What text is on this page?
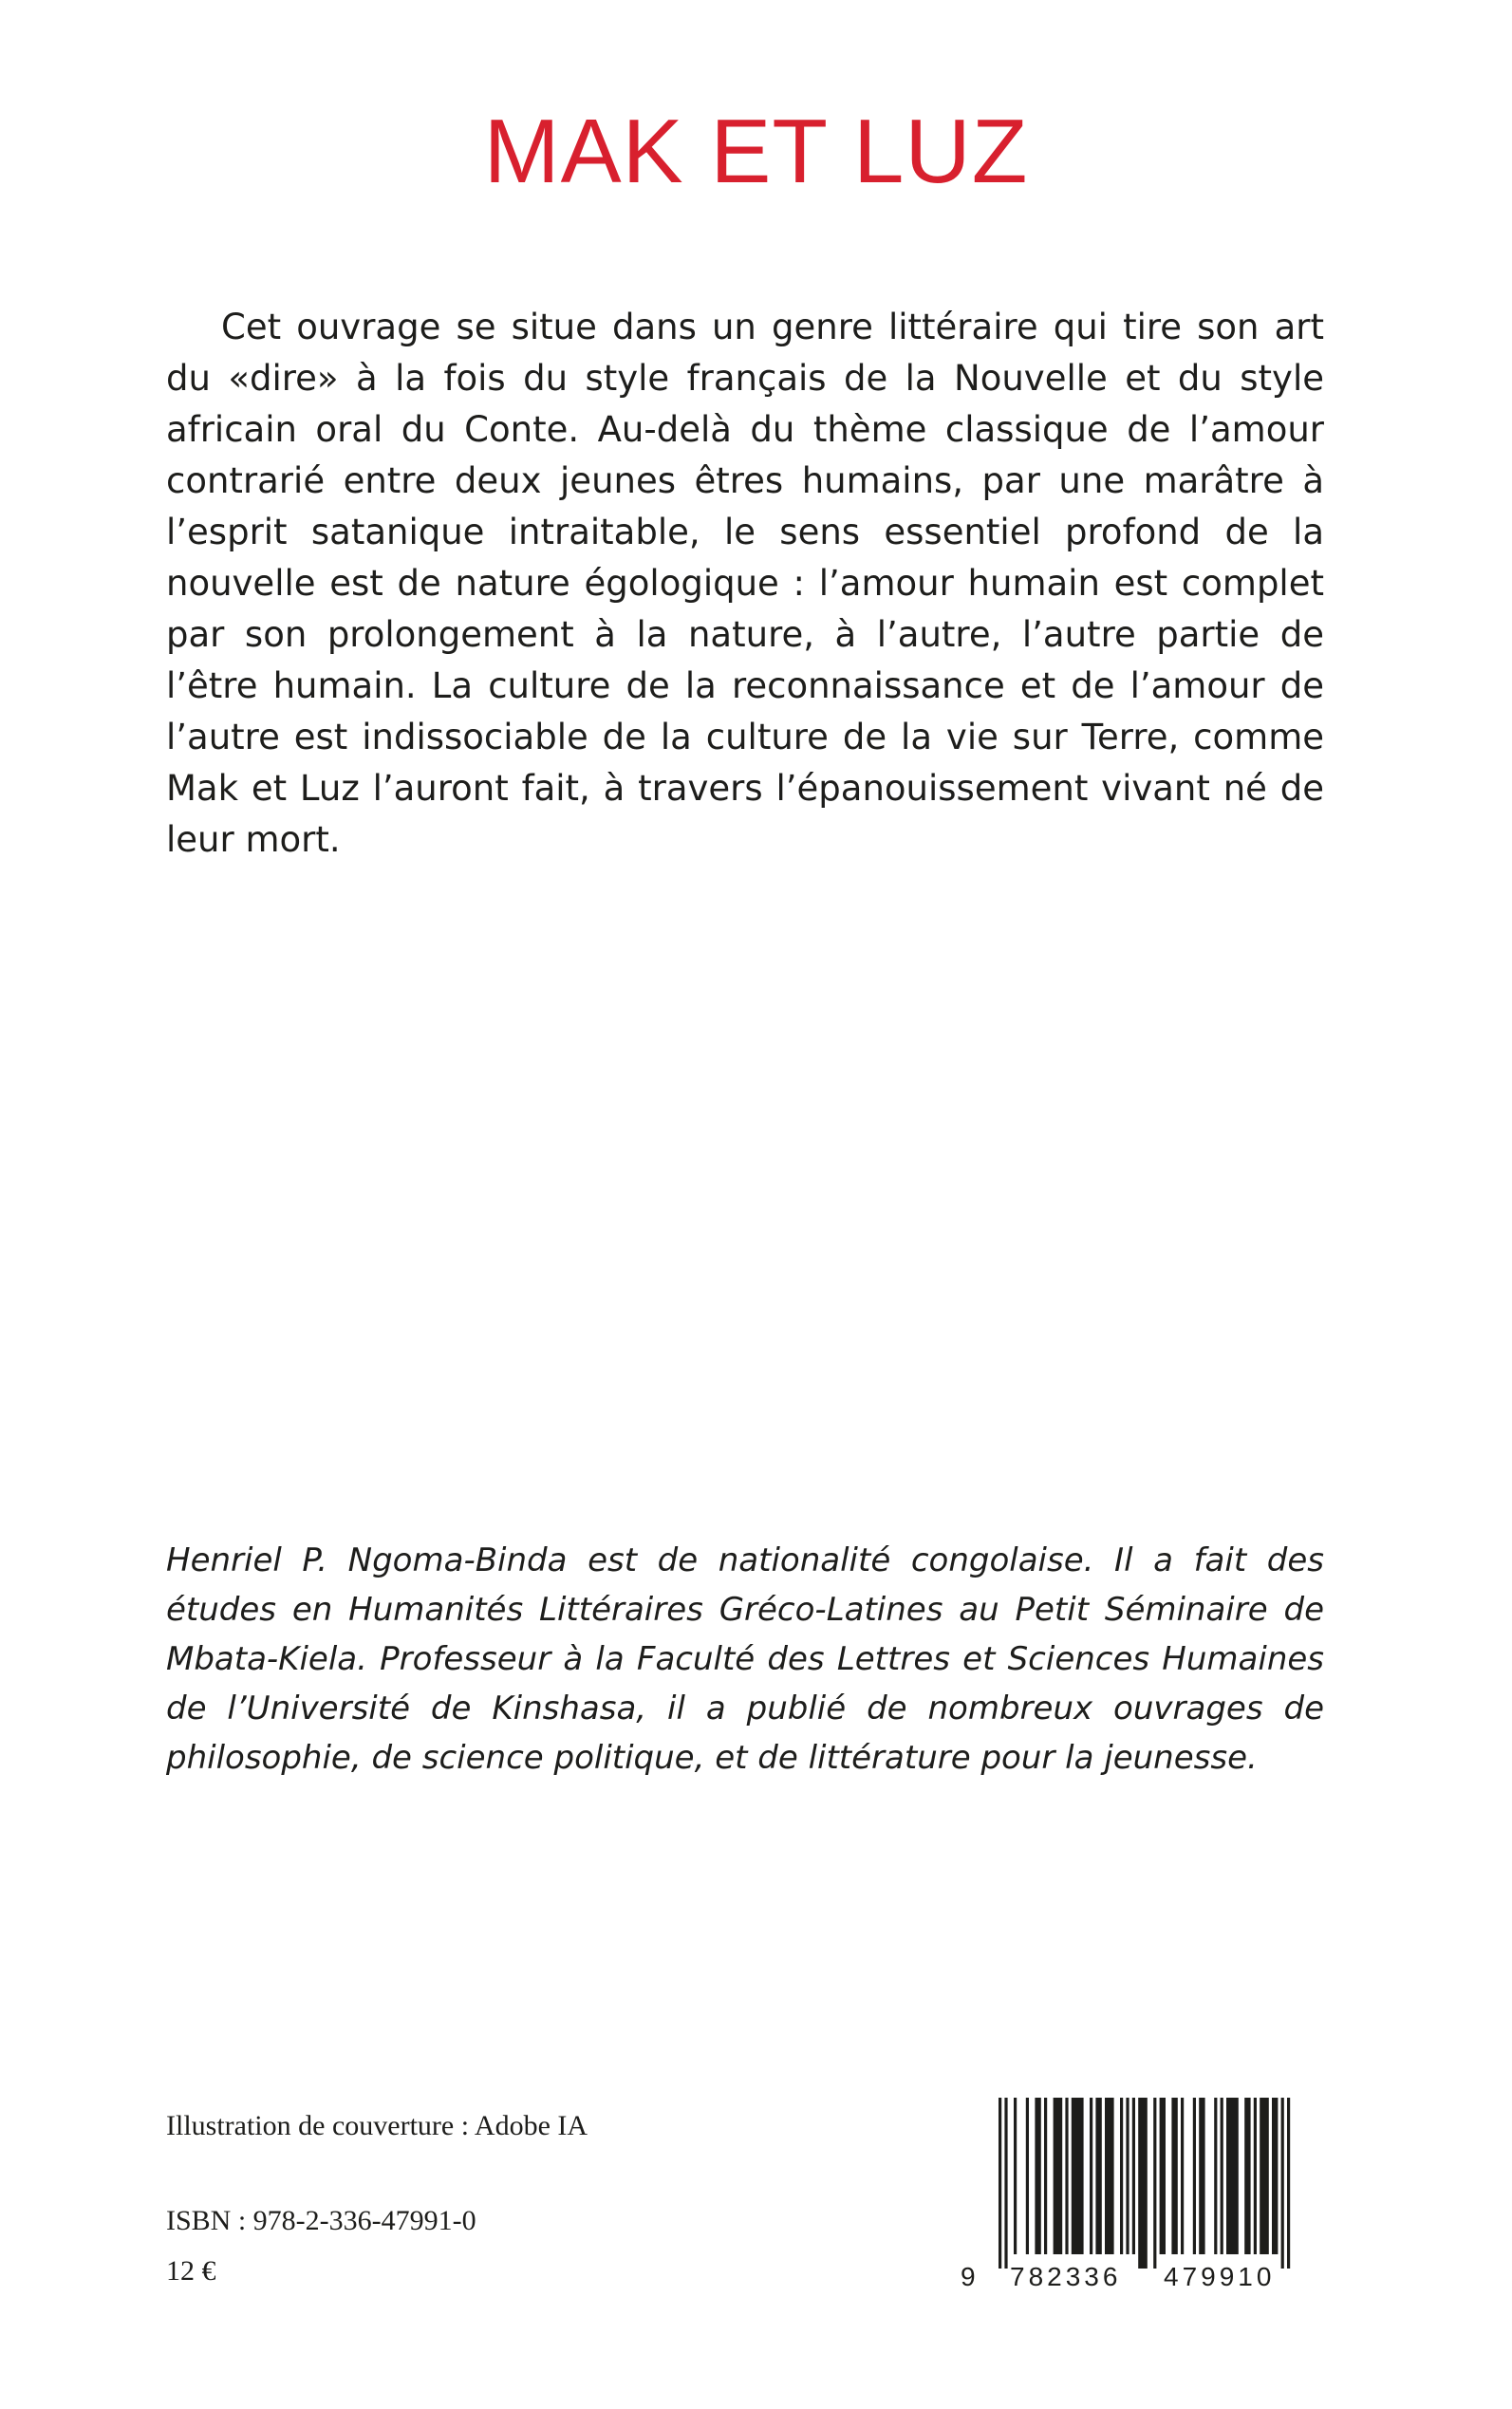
MAK ET LUZ

Cet ouvrage se situe dans un genre littéraire qui tire son art du «dire» à la fois du style français de la Nouvelle et du style africain oral du Conte. Au-delà du thème classique de l’amour contrarié entre deux jeunes êtres humains, par une marâtre à l’esprit satanique intraitable, le sens essentiel profond de la nouvelle est de nature égologique : l’amour humain est complet par son prolongement à la nature, à l’autre, l’autre partie de l’être humain. La culture de la reconnaissance et de l’amour de l’autre est indissociable de la culture de la vie sur Terre, comme Mak et Luz l’auront fait, à travers l’épanouissement vivant né de leur mort.

Henriel P. Ngoma-Binda est de nationalité congolaise. Il a fait des études en Humanités Littéraires Gréco-Latines au Petit Séminaire de Mbata-Kiela. Professeur à la Faculté des Lettres et Sciences Humaines de l’Université de Kinshasa, il a publié de nombreux ouvrages de philosophie, de science politique, et de littérature pour la jeunesse.

Illustration de couverture : Adobe IA

ISBN : 978-2-336-47991-0

12 €	9 782336 479910
